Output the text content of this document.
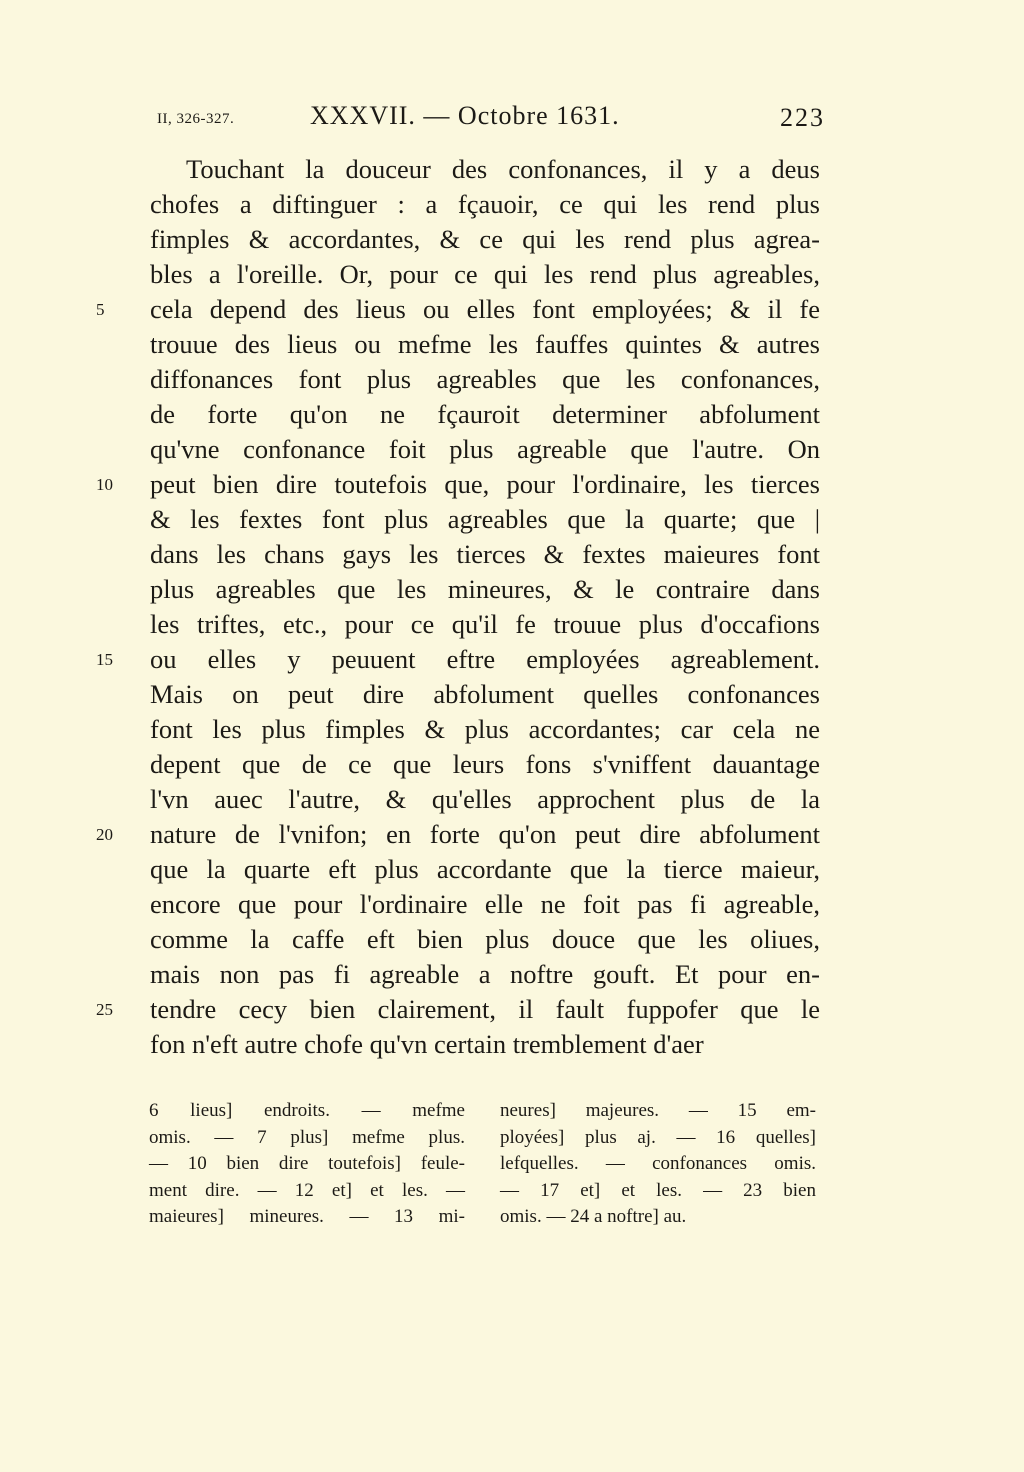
II, 326-327.	XXXVII. — Octobre 1631.	223
Touchant la douceur des confonances, il y a deus
chofes a diftinguer : a fçauoir, ce qui les rend plus
fimples & accordantes, & ce qui les rend plus agrea-
bles a l'oreille. Or, pour ce qui les rend plus agreables,
cela depend des lieus ou elles font employées; & il fe
trouue des lieus ou mefme les fauffes quintes & autres
diffonances font plus agreables que les confonances,
de forte qu'on ne fçauroit determiner abfolument
qu'vne confonance foit plus agreable que l'autre. On
peut bien dire toutefois que, pour l'ordinaire, les tierces
& les fextes font plus agreables que la quarte; que |
dans les chans gays les tierces & fextes maieures font
plus agreables que les mineures, & le contraire dans
les triftes, etc., pour ce qu'il fe trouue plus d'occafions
ou elles y peuuent eftre employées agreablement.
Mais on peut dire abfolument quelles confonances
font les plus fimples & plus accordantes; car cela ne
depent que de ce que leurs fons s'vniffent dauantage
l'vn auec l'autre, & qu'elles approchent plus de la
nature de l'vnifon; en forte qu'on peut dire abfolument
que la quarte eft plus accordante que la tierce maieur,
encore que pour l'ordinaire elle ne foit pas fi agreable,
comme la caffe eft bien plus douce que les oliues,
mais non pas fi agreable a noftre gouft. Et pour en-
tendre cecy bien clairement, il fault fuppofer que le
fon n'eft autre chofe qu'vn certain tremblement d'aer
5
10
15
20
25
6 lieus] endroits. — mefme
omis. — 7 plus] mefme plus.
— 10 bien dire toutefois] feule-
ment dire. — 12 et] et les. —
maieures] mineures. — 13 mi-
neures] majeures. — 15 em-
ployées] plus aj. — 16 quelles]
lefquelles. — confonances omis.
— 17 et] et les. — 23 bien
omis. — 24 a noftre] au.
